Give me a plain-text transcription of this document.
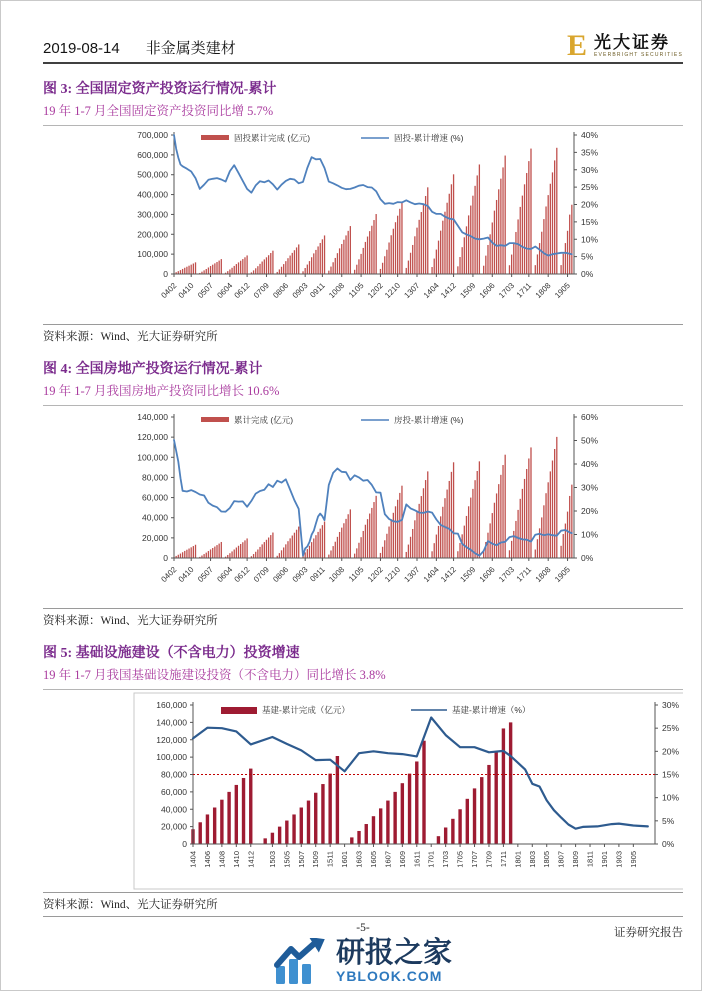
2019-08-14 非金属类建材	E 光大证券
EVERBRIGHT SECURITIES
图 3: 全国固定资产投资运行情况-累计
19 年 1-7 月全国固定资产投资同比增 5.7%
0
100,000
200,000
300,000
400,000
500,000
600,000
700,000
0%
5%
10%
15%
20%
25%
30%
35%
40%
0402
0410 0507 0604
0612 0709 0806 0903
0911 1008 1105 1202
1210 1307 1404
1412 1509 1606 1703
1711 1808 1905
固投累计完成 (亿元)	固投-累计增速 (%)
资料来源：Wind、光大证券研究所
图 4: 全国房地产投资运行情况-累计
19 年 1-7 月我国房地产投资同比增长 10.6%
0
20,000
40,000
60,000
80,000
100,000
120,000
140,000
0%
10%
20%
30%
40%
50%
60%
0402
0410 0507 0604
0612 0709 0806 0903
0911 1008 1105 1202
1210 1307 1404
1412 1509 1606 1703
1711 1808 1905
累计完成 (亿元)	房投-累计增速 (%)
资料来源：Wind、光大证券研究所
图 5: 基础设施建设（不含电力）投资增速
19 年 1-7 月我国基础设施建设投资（不含电力）同比增长 3.8%
0
20,000
40,000
60,000
80,000
100,000
120,000
140,000
160,000
0%
5%
10%
15%
20%
25%
30%
1404 1406 1408 1410 1412 1503 1505 1507 1509 1511 1601 1603 1605 1607 1609 1611 1701 1703 1705 1707 1709 1711 1801 1803 1805 1807 1809 1811 1901 1903 1905
基建-累计完成（亿元）	基建-累计增速（%）
资料来源：Wind、光大证券研究所
-5-	证券研究报告
研报之家
YBLOOK.COM
